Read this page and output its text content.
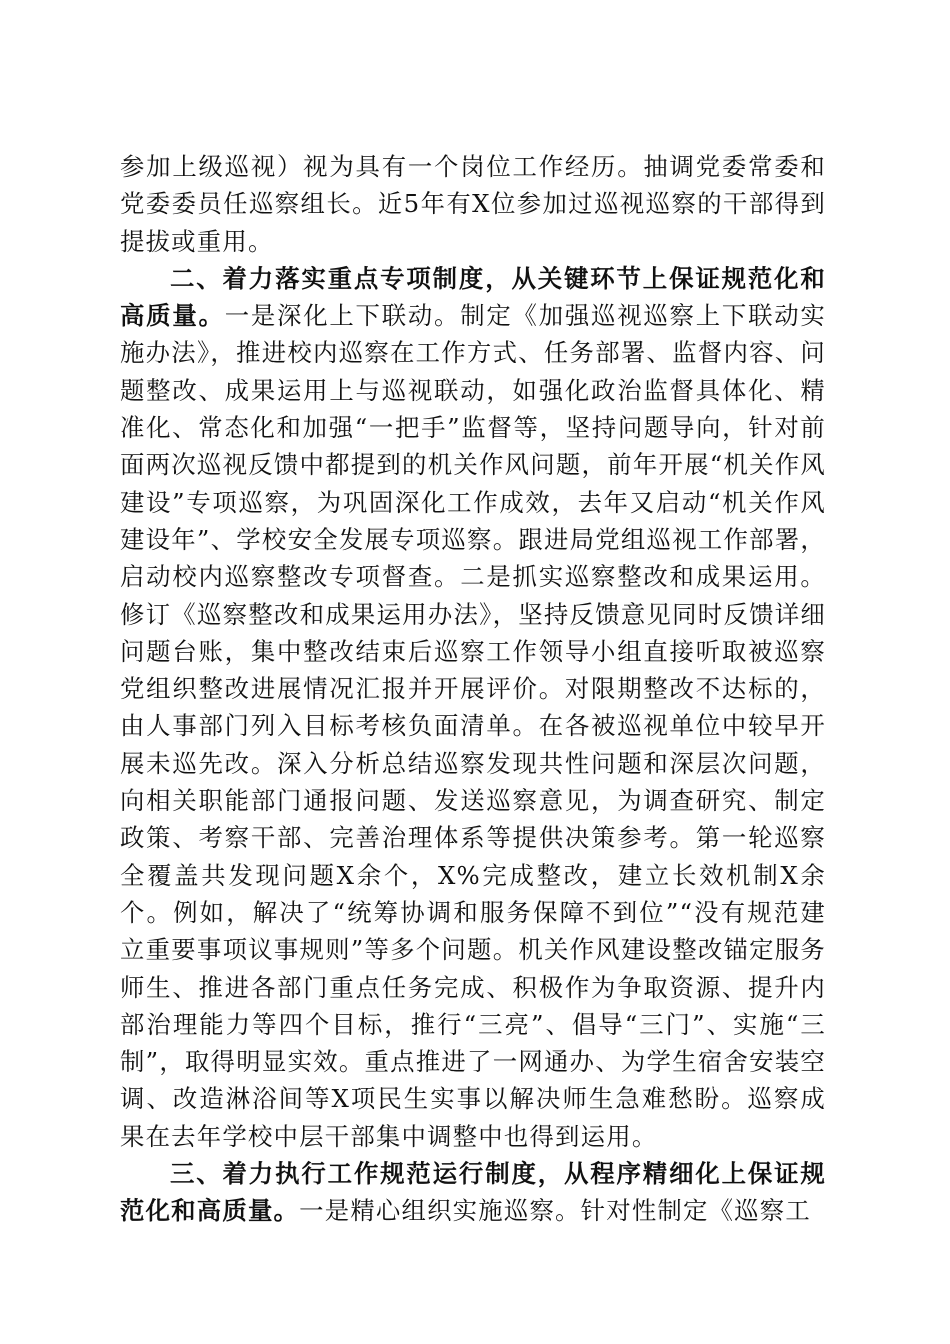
参加上级巡视）视为具有一个岗位工作经历。抽调党委常委和党委委员任巡察组长。近5年有X位参加过巡视巡察的干部得到提拔或重用。

二、着力落实重点专项制度，从关键环节上保证规范化和高质量。一是深化上下联动。制定《加强巡视巡察上下联动实施办法》，推进校内巡察在工作方式、任务部署、监督内容、问题整改、成果运用上与巡视联动，如强化政治监督具体化、精准化、常态化和加强“一把手”监督等，坚持问题导向，针对前面两次巡视反馈中都提到的机关作风问题，前年开展“机关作风建设”专项巡察，为巩固深化工作成效，去年又启动“机关作风建设年”、学校安全发展专项巡察。跟进局党组巡视工作部署，启动校内巡察整改专项督查。二是抓实巡察整改和成果运用。修订《巡察整改和成果运用办法》，坚持反馈意见同时反馈详细问题台账，集中整改结束后巡察工作领导小组直接听取被巡察党组织整改进展情况汇报并开展评价。对限期整改不达标的，由人事部门列入目标考核负面清单。在各被巡视单位中较早开展未巡先改。深入分析总结巡察发现共性问题和深层次问题，向相关职能部门通报问题、发送巡察意见，为调查研究、制定政策、考察干部、完善治理体系等提供决策参考。第一轮巡察全覆盖共发现问题X余个，X%完成整改，建立长效机制X余个。例如，解决了“统筹协调和服务保障不到位”“没有规范建立重要事项议事规则”等多个问题。机关作风建设整改锚定服务师生、推进各部门重点任务完成、积极作为争取资源、提升内部治理能力等四个目标，推行“三亮”、倡导“三门”、实施“三制”，取得明显实效。重点推进了一网通办、为学生宿舍安装空调、改造淋浴间等X项民生实事以解决师生急难愁盼。巡察成果在去年学校中层干部集中调整中也得到运用。

三、着力执行工作规范运行制度，从程序精细化上保证规范化和高质量。一是精心组织实施巡察。针对性制定《巡察工
